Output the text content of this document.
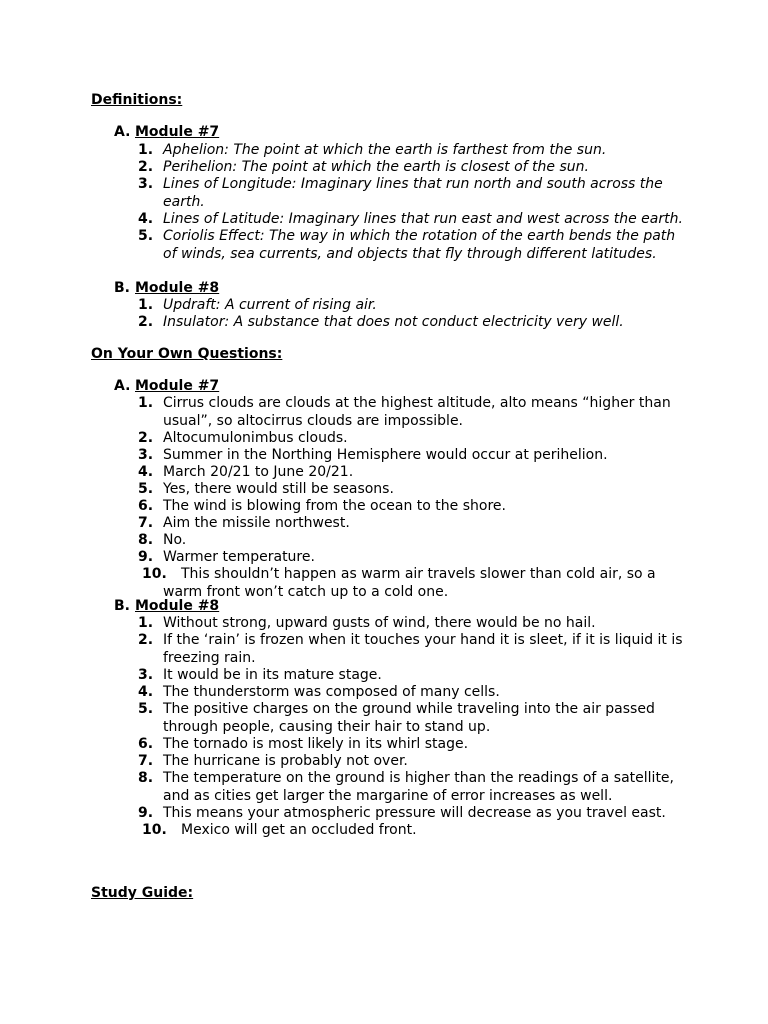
Definitions:
A. Module #7
1. Aphelion: The point at which the earth is farthest from the sun.
2. Perihelion: The point at which the earth is closest of the sun.
3. Lines of Longitude: Imaginary lines that run north and south across the earth.
4. Lines of Latitude: Imaginary lines that run east and west across the earth.
5. Coriolis Effect: The way in which the rotation of the earth bends the path of winds, sea currents, and objects that fly through different latitudes.
B. Module #8
1. Updraft: A current of rising air.
2. Insulator: A substance that does not conduct electricity very well.
On Your Own Questions:
A. Module #7
1. Cirrus clouds are clouds at the highest altitude, alto means “higher than usual”, so altocirrus clouds are impossible.
2. Altocumulonimbus clouds.
3. Summer in the Northing Hemisphere would occur at perihelion.
4. March 20/21 to June 20/21.
5. Yes, there would still be seasons.
6. The wind is blowing from the ocean to the shore.
7. Aim the missile northwest.
8. No.
9. Warmer temperature.
10. This shouldn’t happen as warm air travels slower than cold air, so a warm front won’t catch up to a cold one.
B. Module #8
1. Without strong, upward gusts of wind, there would be no hail.
2. If the ‘rain’ is frozen when it touches your hand it is sleet, if it is liquid it is freezing rain.
3. It would be in its mature stage.
4. The thunderstorm was composed of many cells.
5. The positive charges on the ground while traveling into the air passed through people, causing their hair to stand up.
6. The tornado is most likely in its whirl stage.
7. The hurricane is probably not over.
8. The temperature on the ground is higher than the readings of a satellite, and as cities get larger the margarine of error increases as well.
9. This means your atmospheric pressure will decrease as you travel east.
10. Mexico will get an occluded front.
Study Guide:
